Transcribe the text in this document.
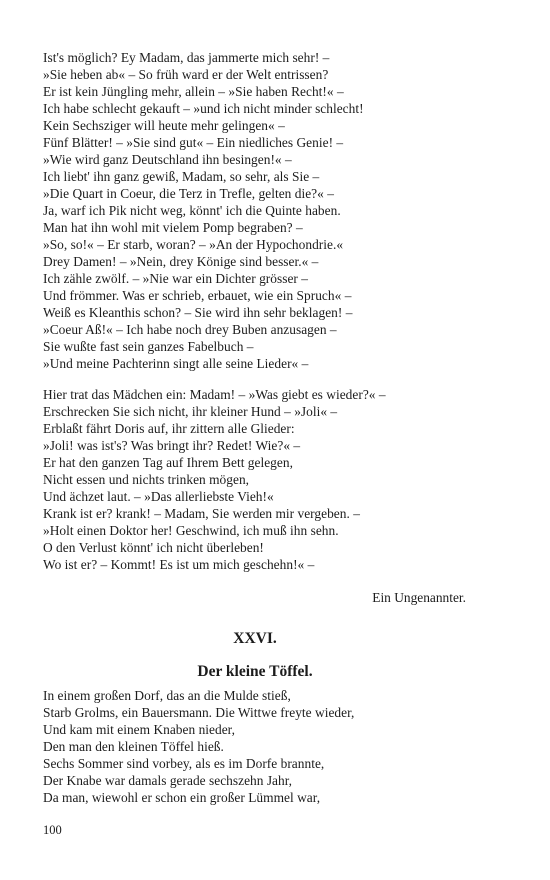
Ist's möglich? Ey Madam, das jammerte mich sehr! –
»Sie heben ab« – So früh ward er der Welt entrissen?
Er ist kein Jüngling mehr, allein – »Sie haben Recht!« –
Ich habe schlecht gekauft – »und ich nicht minder schlecht!
Kein Sechsziger will heute mehr gelingen« –
Fünf Blätter! – »Sie sind gut« – Ein niedliches Genie! –
»Wie wird ganz Deutschland ihn besingen!« –
Ich liebt' ihn ganz gewiß, Madam, so sehr, als Sie –
»Die Quart in Coeur, die Terz in Trefle, gelten die?« –
Ja, warf ich Pik nicht weg, könnt' ich die Quinte haben.
Man hat ihn wohl mit vielem Pomp begraben? –
»So, so!« – Er starb, woran? – »An der Hypochondrie.«
Drey Damen! – »Nein, drey Könige sind besser.« –
Ich zähle zwölf. – »Nie war ein Dichter grösser –
Und frömmer. Was er schrieb, erbauet, wie ein Spruch« –
Weiß es Kleanthis schon? – Sie wird ihn sehr beklagen! –
»Coeur Aß!« – Ich habe noch drey Buben anzusagen –
Sie wußte fast sein ganzes Fabelbuch –
»Und meine Pachterinn singt alle seine Lieder« –
Hier trat das Mädchen ein: Madam! – »Was giebt es wieder?« –
Erschrecken Sie sich nicht, ihr kleiner Hund – »Joli« –
Erblaßt fährt Doris auf, ihr zittern alle Glieder:
»Joli! was ist's? Was bringt ihr? Redet! Wie?« –
Er hat den ganzen Tag auf Ihrem Bett gelegen,
Nicht essen und nichts trinken mögen,
Und ächzet laut. – »Das allerliebste Vieh!«
Krank ist er? krank! – Madam, Sie werden mir vergeben. –
»Holt einen Doktor her! Geschwind, ich muß ihn sehn.
O den Verlust könnt' ich nicht überleben!
Wo ist er? – Kommt! Es ist um mich geschehn!« –
Ein Ungenannter.
XXVI.
Der kleine Töffel.
In einem großen Dorf, das an die Mulde stieß,
Starb Grolms, ein Bauersmann. Die Wittwe freyte wieder,
Und kam mit einem Knaben nieder,
Den man den kleinen Töffel hieß.
Sechs Sommer sind vorbey, als es im Dorfe brannte,
Der Knabe war damals gerade sechszehn Jahr,
Da man, wiewohl er schon ein großer Lümmel war,
100
